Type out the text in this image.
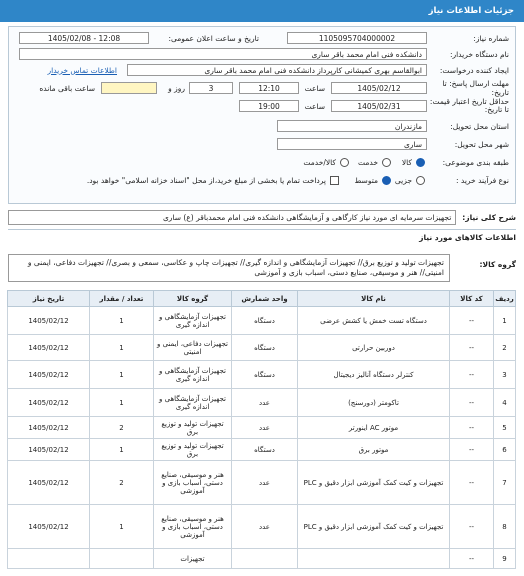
جزئیات اطلاعات نیاز
شماره نیاز:
1105095704000002
تاریخ و ساعت اعلان عمومی:
1405/02/08 - 12:08
نام دستگاه خریدار:
دانشکده فنی امام محمد باقر ساری
ایجاد کننده درخواست:
ابوالقاسم بهری کمیشانی کارپرداز دانشکده فنی امام محمد باقر ساری
اطلاعات تماس خریدار
مهلت ارسال پاسخ: تا تاریخ:
1405/02/12
ساعت
12:10
3
روز و
ساعت باقی مانده
حداقل تاریخ اعتبار قیمت: تا تاریخ:
1405/02/31
ساعت
19:00
استان محل تحویل:
مازندران
شهر محل تحویل:
ساری
طبقه بندی موضوعی:
کالا
خدمت
کالا/خدمت
نوع فرآیند خرید :
جزیی
متوسط
پرداخت تمام یا بخشی از مبلغ خرید،از محل "اسناد خزانه اسلامی" خواهد بود.
شرح کلی نیاز:
تجهیزات سرمایه ای مورد نیاز کارگاهی و آزمایشگاهی دانشکده فنی امام محمدباقر (ع) ساری
اطلاعات کالاهای مورد نیاز
گروه کالا:
تجهیزات تولید و توزیع برق// تجهیزات آزمایشگاهی و اندازه گیری// تجهیزات چاپ و عکاسی، سمعی و بصری// تجهیزات دفاعی، ایمنی و امنیتی// هنر و موسیقی، صنایع دستی، اسباب بازی و آموزشی
ردیف	کد کالا	نام کالا	واحد شمارش	گروه کالا	تعداد / مقدار	تاریخ نیاز
1	--	دستگاه تست خمش یا کشش عرضی	دستگاه	تجهیزات آزمایشگاهی و اندازه گیری	1	1405/02/12
2	--	دوربین حرارتی	دستگاه	تجهیزات دفاعی، ایمنی و امنیتی	1	1405/02/12
3	--	کنترلر دستگاه آنالیز دیجیتال	دستگاه	تجهیزات آزمایشگاهی و اندازه گیری	1	1405/02/12
4	--	تاکومتر (دورسنج)	عدد	تجهیزات آزمایشگاهی و اندازه گیری	1	1405/02/12
5	--	موتور AC اینورتر	عدد	تجهیزات تولید و توزیع برق	2	1405/02/12
6	--	موتور برق	دستگاه	تجهیزات تولید و توزیع برق	1	1405/02/12
7	--	تجهیزات و کیت کمک آموزشی ابزار دقیق و PLC	عدد	هنر و موسیقی، صنایع دستی، اسباب بازی و آموزشی	2	1405/02/12
8	--	تجهیزات و کیت کمک آموزشی ابزار دقیق و PLC	عدد	هنر و موسیقی، صنایع دستی، اسباب بازی و آموزشی	1	1405/02/12
9	--			تجهیزات		
